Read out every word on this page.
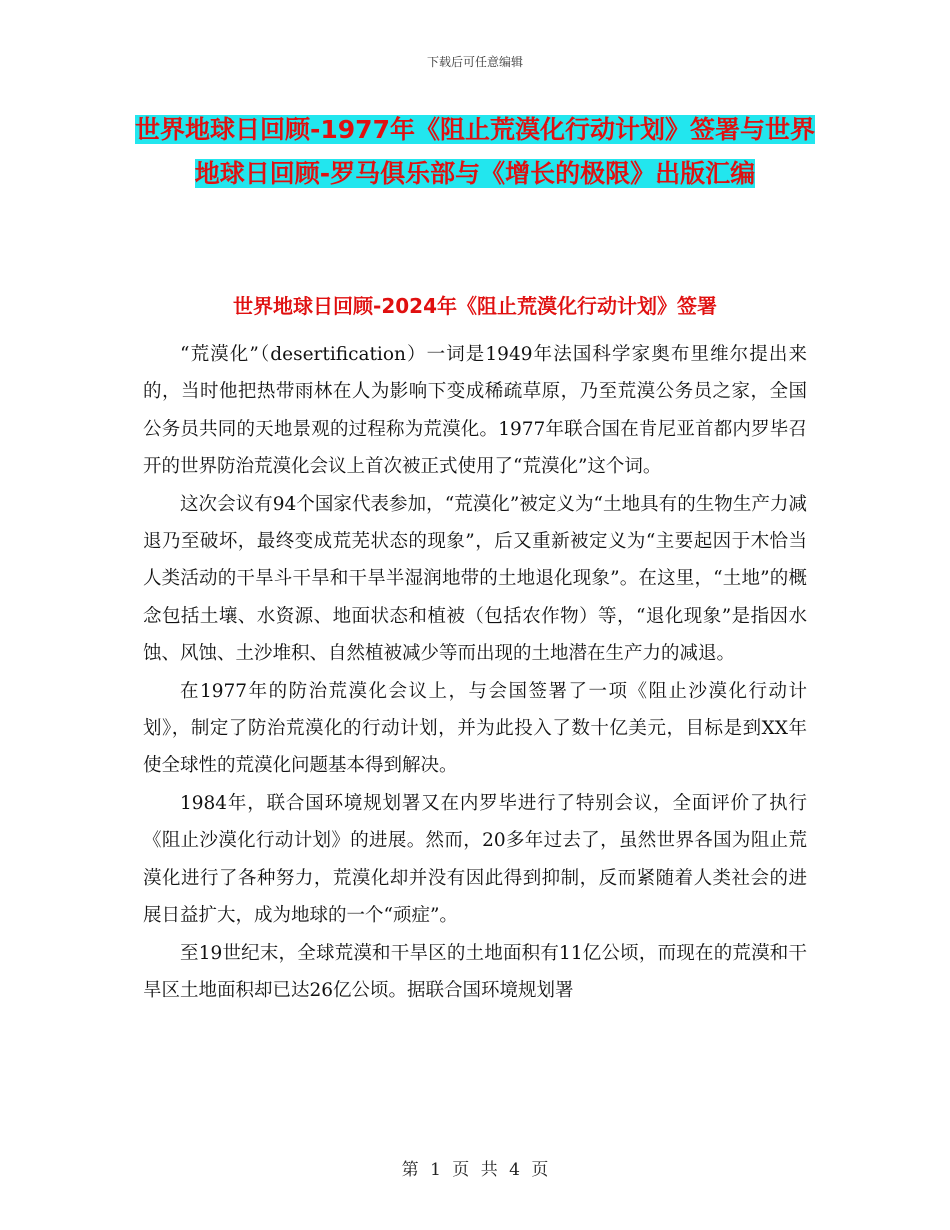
下载后可任意编辑
世界地球日回顾-1977年《阻止荒漠化行动计划》签署与世界地球日回顾-罗马俱乐部与《增长的极限》出版汇编
世界地球日回顾-2024年《阻止荒漠化行动计划》签署

“荒漠化”（desertification）一词是1949年法国科学家奥布里维尔提出来的，当时他把热带雨林在人为影响下变成稀疏草原，乃至荒漠公务员之家，全国公务员共同的天地景观的过程称为荒漠化。1977年联合国在肯尼亚首都内罗毕召开的世界防治荒漠化会议上首次被正式使用了“荒漠化”这个词。

这次会议有94个国家代表参加，“荒漠化”被定义为“土地具有的生物生产力减退乃至破坏，最终变成荒芜状态的现象”，后又重新被定义为“主要起因于木恰当人类活动的干旱斗干旱和干旱半湿润地带的土地退化现象”。在这里，“土地”的概念包括土壤、水资源、地面状态和植被（包括农作物）等，“退化现象”是指因水蚀、风蚀、土沙堆积、自然植被减少等而出现的土地潜在生产力的减退。

在1977年的防治荒漠化会议上，与会国签署了一项《阻止沙漠化行动计划》，制定了防治荒漠化的行动计划，并为此投入了数十亿美元，目标是到XX年使全球性的荒漠化问题基本得到解决。

1984年，联合国环境规划署又在内罗毕进行了特别会议，全面评价了执行《阻止沙漠化行动计划》的进展。然而，20多年过去了，虽然世界各国为阻止荒漠化进行了各种努力，荒漠化却并没有因此得到抑制，反而紧随着人类社会的进展日益扩大，成为地球的一个“顽症”。

至19世纪末，全球荒漠和干旱区的土地面积有11亿公顷，而现在的荒漠和干旱区土地面积却已达26亿公顷。据联合国环境规划署

第 1 页 共 4 页
